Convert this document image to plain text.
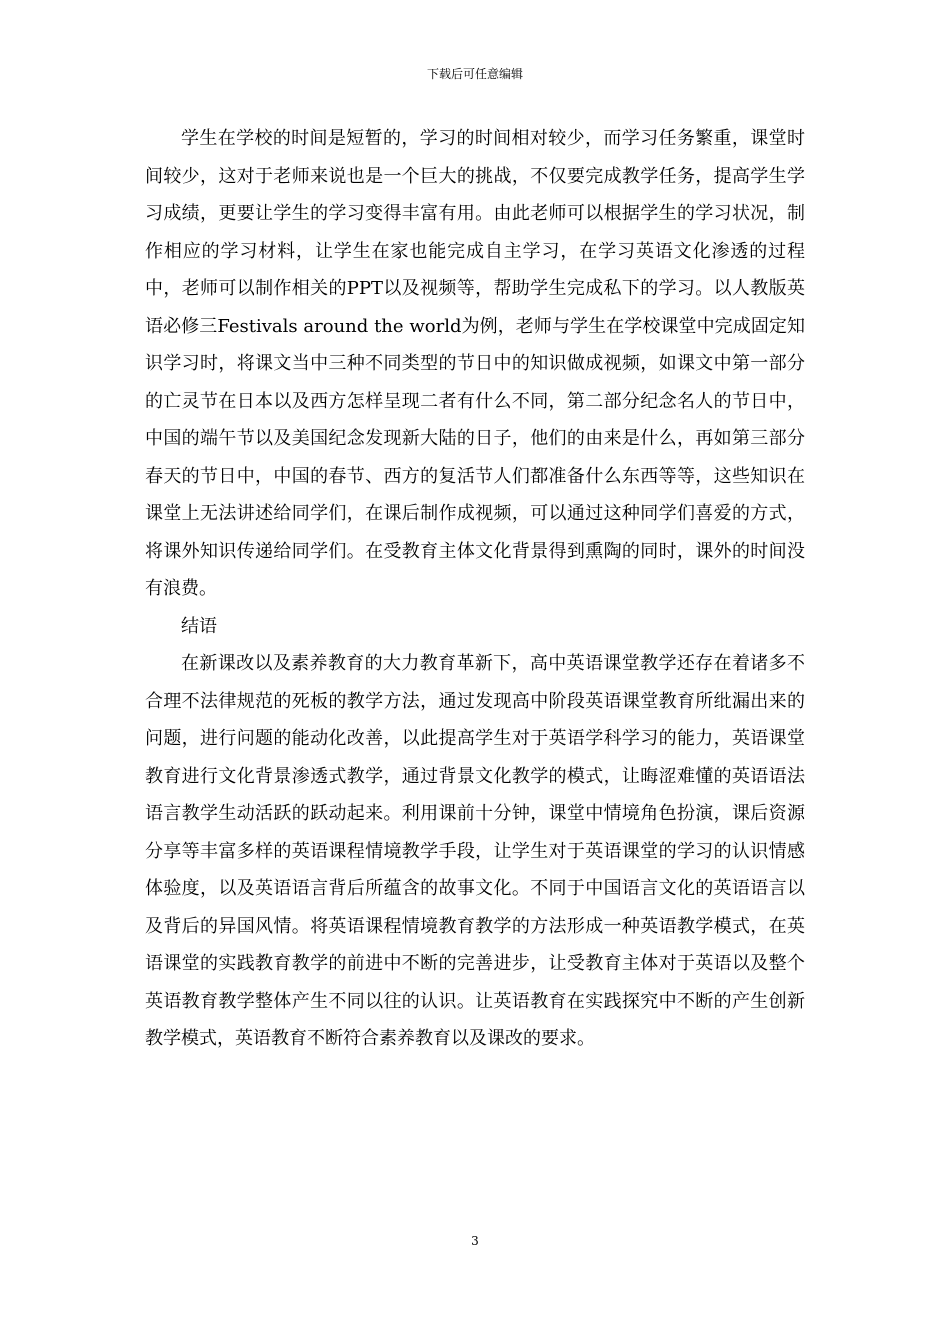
下载后可任意编辑

学生在学校的时间是短暂的，学习的时间相对较少，而学习任务繁重，课堂时间较少，这对于老师来说也是一个巨大的挑战，不仅要完成教学任务，提高学生学习成绩，更要让学生的学习变得丰富有用。由此老师可以根据学生的学习状况，制作相应的学习材料，让学生在家也能完成自主学习，在学习英语文化渗透的过程中，老师可以制作相关的PPT以及视频等，帮助学生完成私下的学习。以人教版英语必修三Festivals around the world为例，老师与学生在学校课堂中完成固定知识学习时，将课文当中三种不同类型的节日中的知识做成视频，如课文中第一部分的亡灵节在日本以及西方怎样呈现二者有什么不同，第二部分纪念名人的节日中，中国的端午节以及美国纪念发现新大陆的日子，他们的由来是什么，再如第三部分春天的节日中，中国的春节、西方的复活节人们都准备什么东西等等，这些知识在课堂上无法讲述给同学们，在课后制作成视频，可以通过这种同学们喜爱的方式，将课外知识传递给同学们。在受教育主体文化背景得到熏陶的同时，课外的时间没有浪费。

结语

在新课改以及素养教育的大力教育革新下，高中英语课堂教学还存在着诸多不合理不法律规范的死板的教学方法，通过发现高中阶段英语课堂教育所纰漏出来的问题，进行问题的能动化改善，以此提高学生对于英语学科学习的能力，英语课堂教育进行文化背景渗透式教学，通过背景文化教学的模式，让晦涩难懂的英语语法语言教学生动活跃的跃动起来。利用课前十分钟，课堂中情境角色扮演，课后资源分享等丰富多样的英语课程情境教学手段，让学生对于英语课堂的学习的认识情感体验度，以及英语语言背后所蕴含的故事文化。不同于中国语言文化的英语语言以及背后的异国风情。将英语课程情境教育教学的方法形成一种英语教学模式，在英语课堂的实践教育教学的前进中不断的完善进步，让受教育主体对于英语以及整个英语教育教学整体产生不同以往的认识。让英语教育在实践探究中不断的产生创新教学模式，英语教育不断符合素养教育以及课改的要求。

3
